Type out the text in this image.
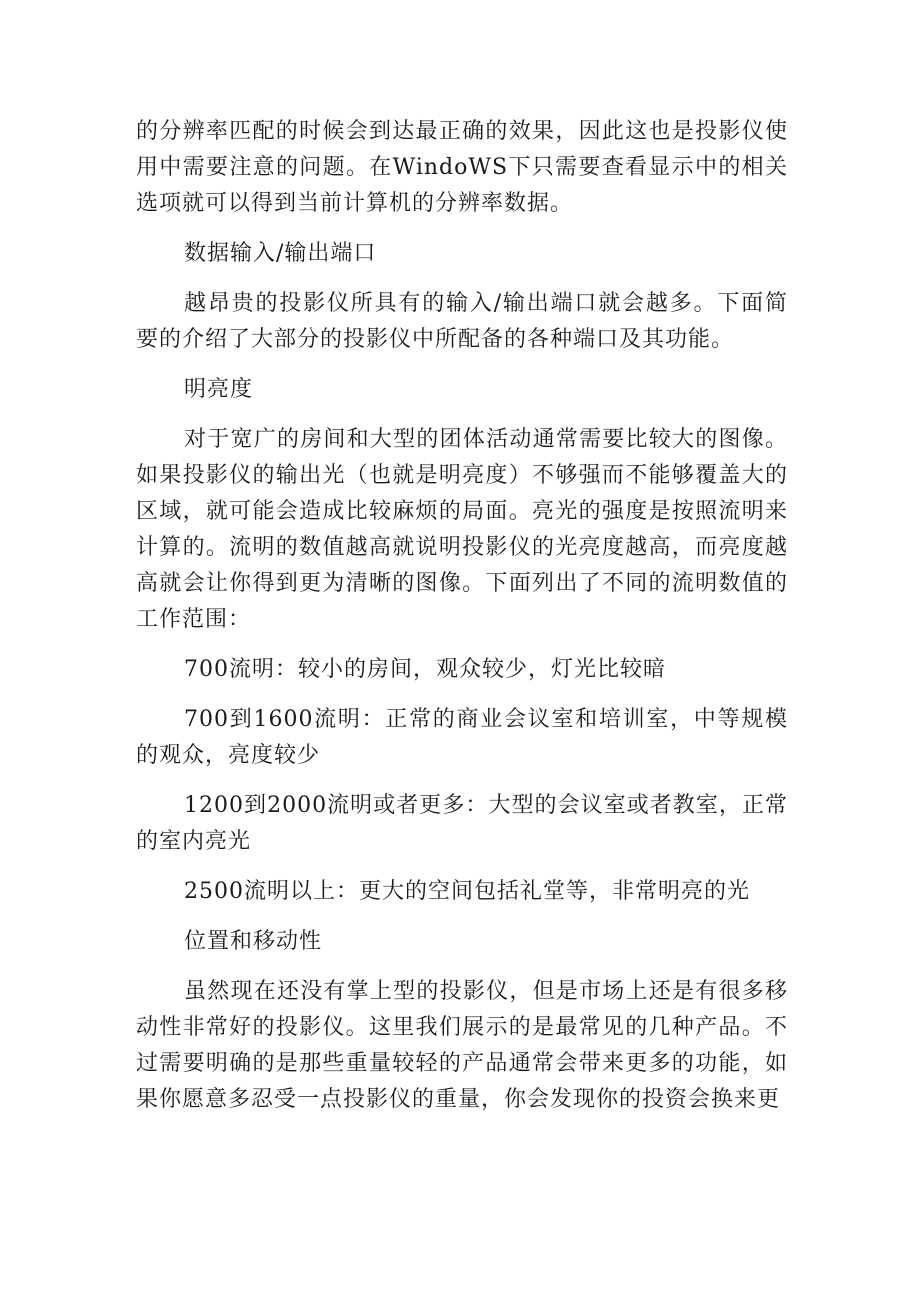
的分辨率匹配的时候会到达最正确的效果，因此这也是投影仪使用中需要注意的问题。在WindoWS下只需要查看显示中的相关选项就可以得到当前计算机的分辨率数据。

数据输入/输出端口

越昂贵的投影仪所具有的输入/输出端口就会越多。下面简要的介绍了大部分的投影仪中所配备的各种端口及其功能。

明亮度

对于宽广的房间和大型的团体活动通常需要比较大的图像。如果投影仪的输出光（也就是明亮度）不够强而不能够覆盖大的区域，就可能会造成比较麻烦的局面。亮光的强度是按照流明来计算的。流明的数值越高就说明投影仪的光亮度越高，而亮度越高就会让你得到更为清晰的图像。下面列出了不同的流明数值的工作范围：

700流明：较小的房间，观众较少，灯光比较暗

700到1600流明：正常的商业会议室和培训室，中等规模的观众，亮度较少

1200到2000流明或者更多：大型的会议室或者教室，正常的室内亮光

2500流明以上：更大的空间包括礼堂等，非常明亮的光

位置和移动性

虽然现在还没有掌上型的投影仪，但是市场上还是有很多移动性非常好的投影仪。这里我们展示的是最常见的几种产品。不过需要明确的是那些重量较轻的产品通常会带来更多的功能，如果你愿意多忍受一点投影仪的重量，你会发现你的投资会换来更
